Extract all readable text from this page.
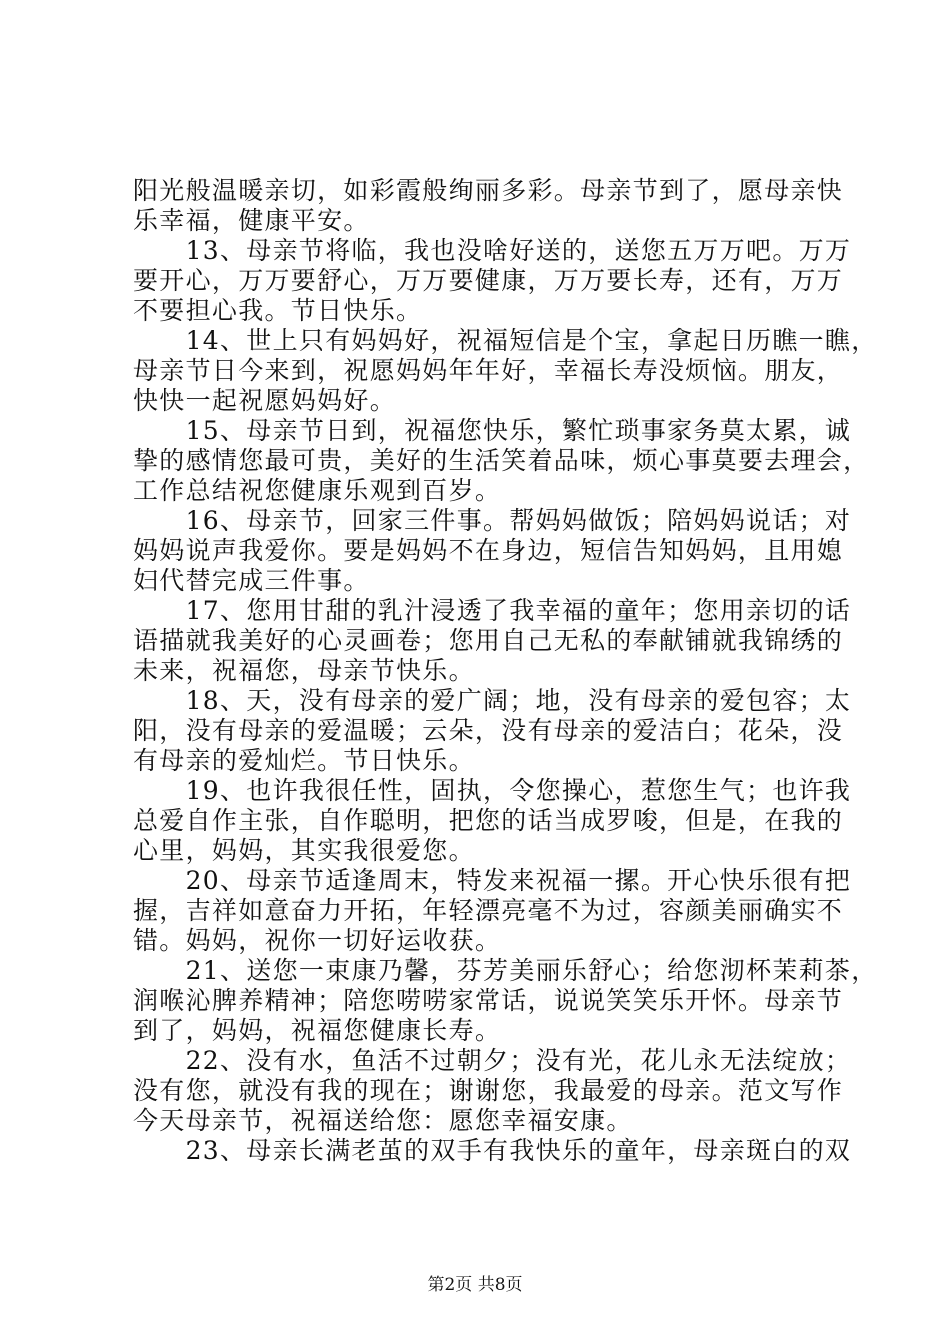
阳光般温暖亲切，如彩霞般绚丽多彩。母亲节到了，愿母亲快
乐幸福，健康平安。
　　13、母亲节将临，我也没啥好送的，送您五万万吧。万万
要开心，万万要舒心，万万要健康，万万要长寿，还有，万万
不要担心我。节日快乐。
　　14、世上只有妈妈好，祝福短信是个宝，拿起日历瞧一瞧，
母亲节日今来到，祝愿妈妈年年好，幸福长寿没烦恼。朋友，
快快一起祝愿妈妈好。
　　15、母亲节日到，祝福您快乐，繁忙琐事家务莫太累，诚
挚的感情您最可贵，美好的生活笑着品味，烦心事莫要去理会，
工作总结祝您健康乐观到百岁。
　　16、母亲节，回家三件事。帮妈妈做饭；陪妈妈说话；对
妈妈说声我爱你。要是妈妈不在身边，短信告知妈妈，且用媳
妇代替完成三件事。
　　17、您用甘甜的乳汁浸透了我幸福的童年；您用亲切的话
语描就我美好的心灵画卷；您用自己无私的奉献铺就我锦绣的
未来，祝福您，母亲节快乐。
　　18、天，没有母亲的爱广阔；地，没有母亲的爱包容；太
阳，没有母亲的爱温暖；云朵，没有母亲的爱洁白；花朵，没
有母亲的爱灿烂。节日快乐。
　　19、也许我很任性，固执，令您操心，惹您生气；也许我
总爱自作主张，自作聪明，把您的话当成罗唆，但是，在我的
心里，妈妈，其实我很爱您。
　　20、母亲节适逢周末，特发来祝福一摞。开心快乐很有把
握，吉祥如意奋力开拓，年轻漂亮毫不为过，容颜美丽确实不
错。妈妈，祝你一切好运收获。
　　21、送您一束康乃馨，芬芳美丽乐舒心；给您沏杯茉莉茶，
润喉沁脾养精神；陪您唠唠家常话，说说笑笑乐开怀。母亲节
到了，妈妈，祝福您健康长寿。
　　22、没有水，鱼活不过朝夕；没有光，花儿永无法绽放；
没有您，就没有我的现在；谢谢您，我最爱的母亲。范文写作
今天母亲节，祝福送给您：愿您幸福安康。
　　23、母亲长满老茧的双手有我快乐的童年，母亲斑白的双
第2页 共8页
